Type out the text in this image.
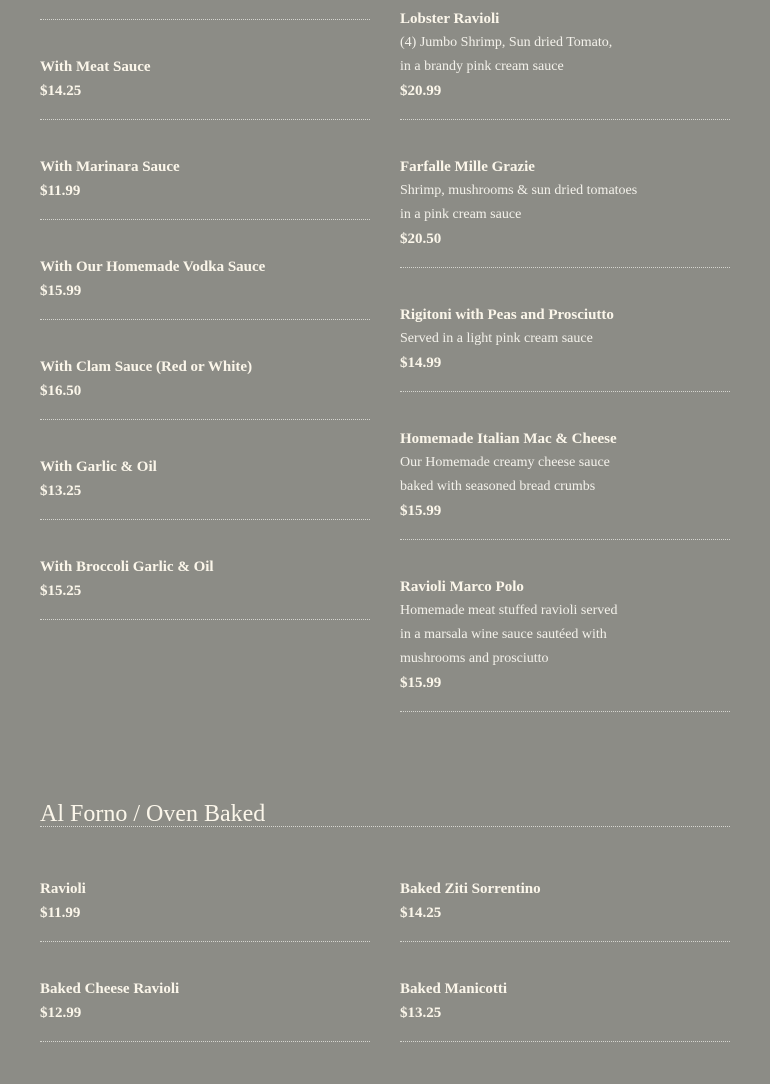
With Meat Sauce
$14.25
With Marinara Sauce
$11.99
With Our Homemade Vodka Sauce
$15.99
With Clam Sauce (Red or White)
$16.50
With Garlic & Oil
$13.25
With Broccoli Garlic & Oil
$15.25
Lobster Ravioli
(4) Jumbo Shrimp, Sun dried Tomato,
in a brandy pink cream sauce
$20.99
Farfalle Mille Grazie
Shrimp, mushrooms & sun dried tomatoes
in a pink cream sauce
$20.50
Rigitoni with Peas and Prosciutto
Served in a light pink cream sauce
$14.99
Homemade Italian Mac & Cheese
Our Homemade creamy cheese sauce
baked with seasoned bread crumbs
$15.99
Ravioli Marco Polo
Homemade meat stuffed ravioli served
in a marsala wine sauce sautéed with
mushrooms and prosciutto
$15.99
Al Forno / Oven Baked
Ravioli
$11.99
Baked Cheese Ravioli
$12.99
Baked Ziti Sorrentino
$14.25
Baked Manicotti
$13.25
